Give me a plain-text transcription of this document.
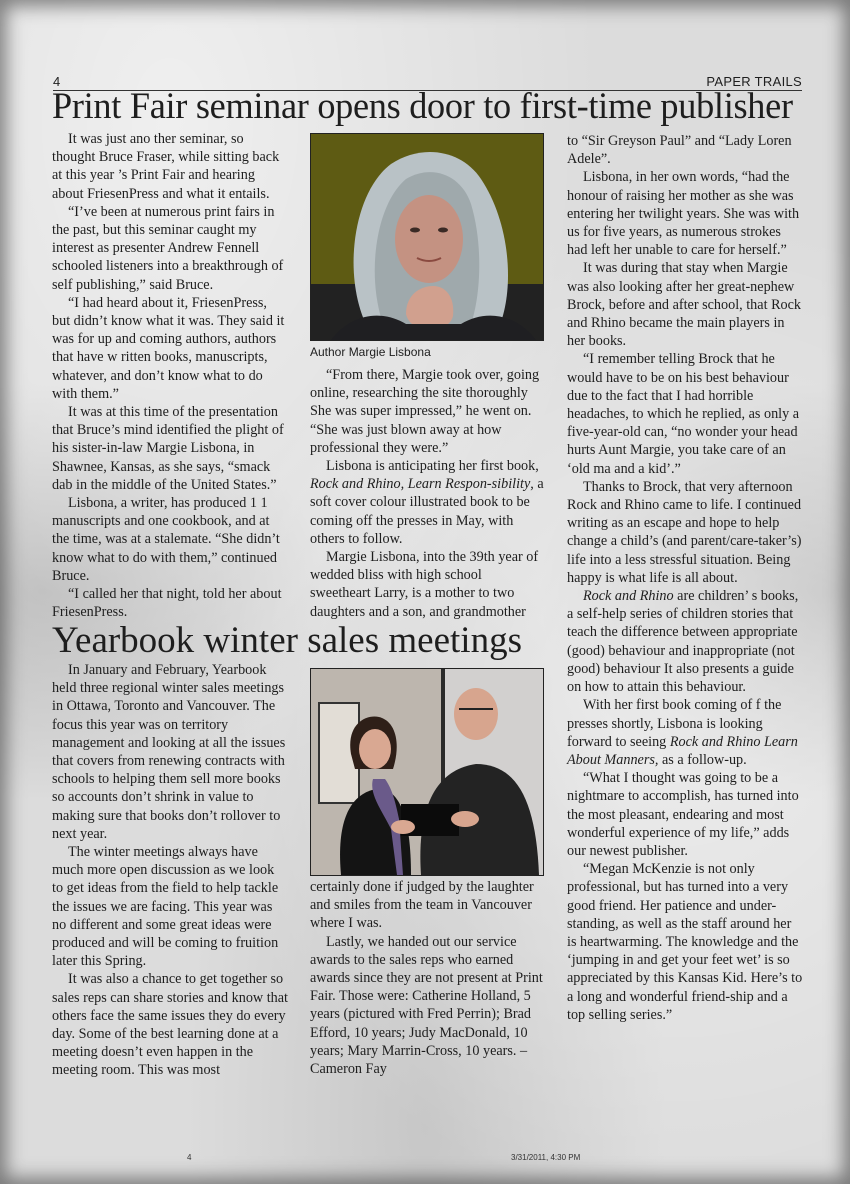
4	PAPER TRAILS
Print Fair seminar opens door to first-time publisher

It was just ano ther seminar, so thought Bruce Fraser, while sitting back at this year ’s Print Fair and hearing about FriesenPress and what it entails.

“I’ve been at numerous print fairs in the past, but this seminar caught my interest as presenter Andrew Fennell schooled listeners into a breakthrough of self publishing,” said Bruce.

“I had heard about it, FriesenPress, but didn’t know what it was. They said it was for up and coming authors, authors that have w ritten books, manuscripts, whatever, and don’t know what to do with them.”

It was at this time of the presentation that Bruce’s mind identified the plight of his sister-in-law Margie Lisbona, in Shawnee, Kansas, as she says, “smack dab in the middle of the United States.”

Lisbona, a writer, has produced 1 1 manuscripts and one cookbook, and at the time, was at a stalemate. “She didn’t know what to do with them,” continued Bruce.

“I called her that night, told her about FriesenPress.

Author Margie Lisbona

“From there, Margie took over, going online, researching the site thoroughly She was super impressed,” he went on. “She was just blown away at how professional they were.”

Lisbona is anticipating her first book, Rock and Rhino, Learn Respon-sibility, a soft cover colour illustrated book to be coming off the presses in May, with others to follow.

Margie Lisbona, into the 39th year of wedded bliss with high school sweetheart Larry, is a mother to two daughters and a son, and grandmother

to “Sir Greyson Paul” and “Lady Loren Adele”.

Lisbona, in her own words, “had the honour of raising her mother as she was entering her twilight years. She was with us for five years, as numerous strokes had left her unable to care for herself.”

It was during that stay when Margie was also looking after her great-nephew Brock, before and after school, that Rock and Rhino became the main players in her books.

“I remember telling Brock that he would have to be on his best behaviour due to the fact that I had horrible headaches, to which he replied, as only a five-year-old can, “no wonder your head hurts Aunt Margie, you take care of an ‘old ma and a kid’.”

Thanks to Brock, that very afternoon Rock and Rhino came to life. I continued writing as an escape and hope to help change a child’s (and parent/care-taker’s) life into a less stressful situation. Being happy is what life is all about.

Rock and Rhino are children’ s books, a self-help series of children stories that teach the difference between appropriate (good) behaviour and inappropriate (not good) behaviour It also presents a guide on how to attain this behaviour.

With her first book coming of f the presses shortly, Lisbona is looking forward to seeing Rock and Rhino Learn About Manners, as a follow-up.

“What I thought was going to be a nightmare to accomplish, has turned into the most pleasant, endearing and most wonderful experience of my life,” adds our newest publisher.

“Megan McKenzie is not only professional, but has turned into a very good friend. Her patience and under-standing, as well as the staff around her is heartwarming. The knowledge and the ‘jumping in and get your feet wet’ is so appreciated by this Kansas Kid. Here’s to a long and wonderful friend-ship and a top selling series.”

Yearbook winter sales meetings

In January and February, Yearbook held three regional winter sales meetings in Ottawa, Toronto and Vancouver. The focus this year was on territory management and looking at all the issues that covers from renewing contracts with schools to helping them sell more books so accounts don’t shrink in value to making sure that books don’t rollover to next year.

The winter meetings always have much more open discussion as we look to get ideas from the field to help tackle the issues we are facing. This year was no different and some great ideas were produced and will be coming to fruition later this Spring.

It was also a chance to get together so sales reps can share stories and know that others face the same issues they do every day. Some of the best learning done at a meeting doesn’t even happen in the meeting room. This was most

certainly done if judged by the laughter and smiles from the team in Vancouver where I was.

Lastly, we handed out our service awards to the sales reps who earned awards since they are not present at Print Fair. Those were: Catherine Holland, 5 years (pictured with Fred Perrin); Brad Efford, 10 years; Judy MacDonald, 10 years; Mary Marrin-Cross, 10 years. – Cameron Fay

4	3/31/2011, 4:30 PM
